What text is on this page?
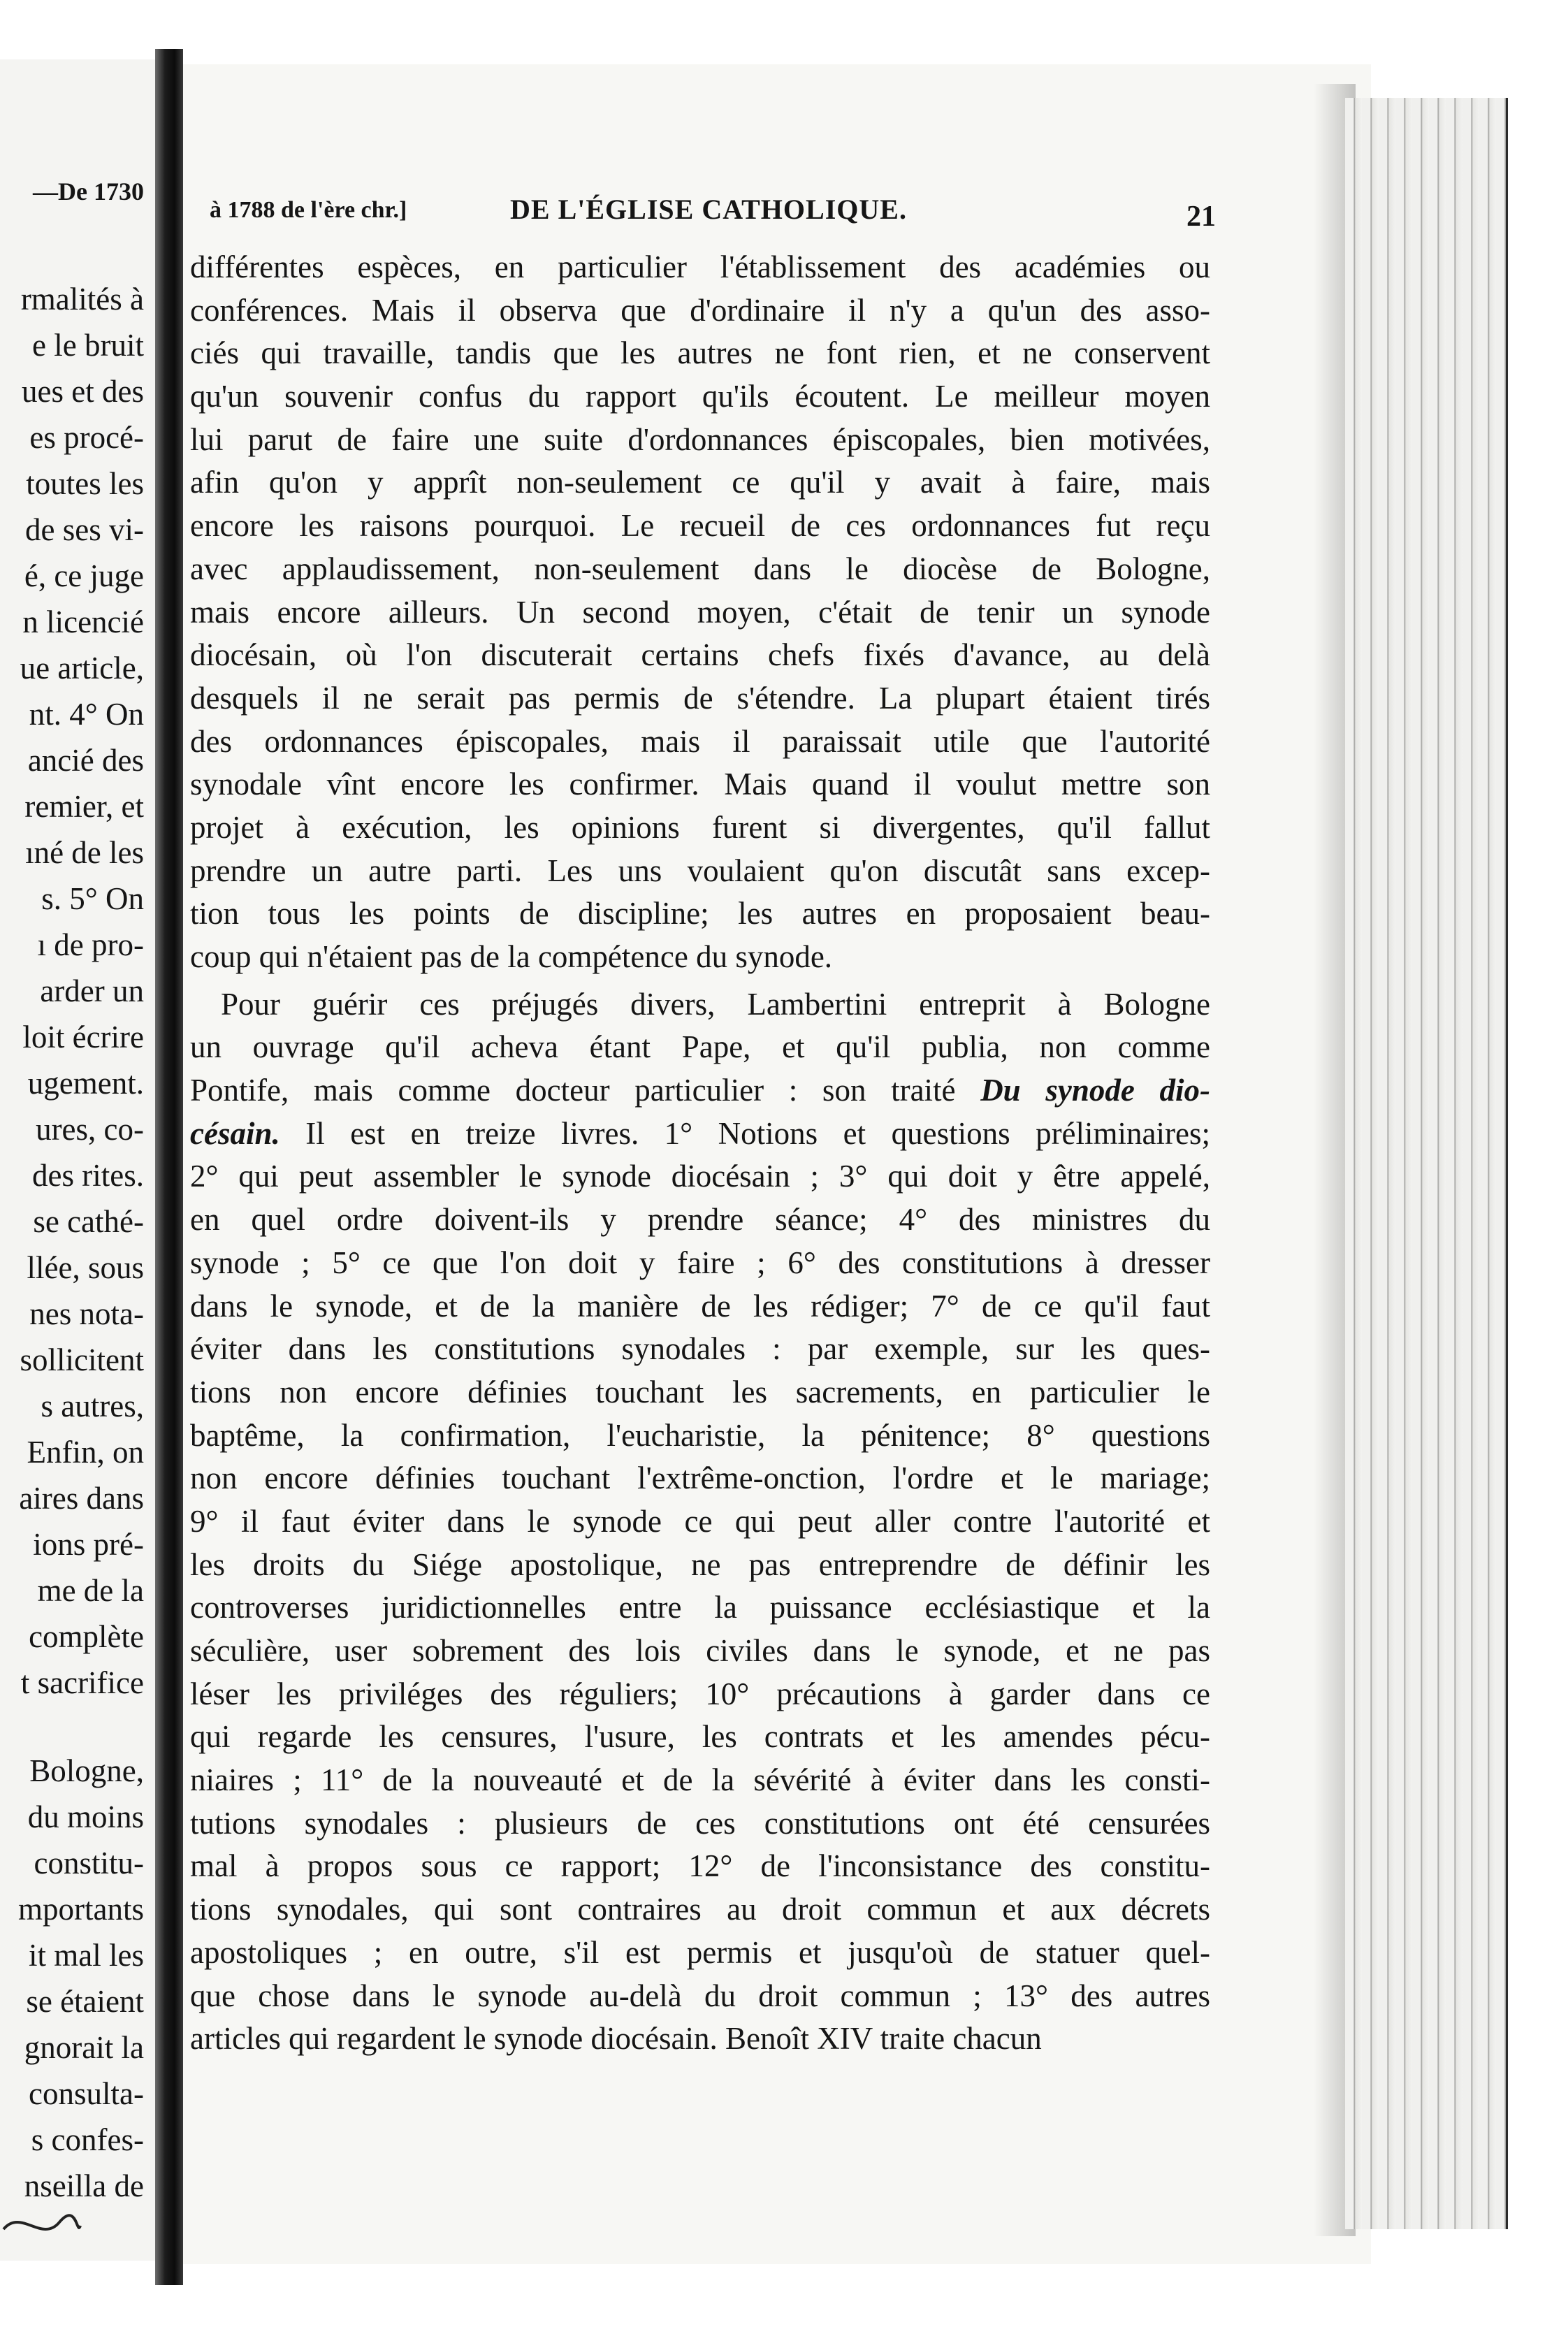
—De 1730
rmalités à
e le bruit
ues et des
es procé-
toutes les
de ses vi-
é, ce juge
n licencié
ue article,
nt. 4° On
ancié des
remier, et
ıné de les
s. 5° On
ı de pro-
arder un
loit écrire
ugement.
ures, co-
des rites.
se cathé-
llée, sous
nes nota-
sollicitent
s autres,
Enfin, on
aires dans
ions pré-
me de la
complète
t sacrifice
Bologne,
du moins
constitu-
mportants
it mal les
se étaient
gnorait la
consulta-
s confes-
nseilla de
à 1788 de l'ère chr.]	DE L'ÉGLISE CATHOLIQUE.	21
différentes espèces, en particulier l'établissement des académies ou
conférences. Mais il observa que d'ordinaire il n'y a qu'un des asso-
ciés qui travaille, tandis que les autres ne font rien, et ne conservent
qu'un souvenir confus du rapport qu'ils écoutent. Le meilleur moyen
lui parut de faire une suite d'ordonnances épiscopales, bien motivées,
afin qu'on y apprît non-seulement ce qu'il y avait à faire, mais
encore les raisons pourquoi. Le recueil de ces ordonnances fut reçu
avec applaudissement, non-seulement dans le diocèse de Bologne,
mais encore ailleurs. Un second moyen, c'était de tenir un synode
diocésain, où l'on discuterait certains chefs fixés d'avance, au delà
desquels il ne serait pas permis de s'étendre. La plupart étaient tirés
des ordonnances épiscopales, mais il paraissait utile que l'autorité
synodale vînt encore les confirmer. Mais quand il voulut mettre son
projet à exécution, les opinions furent si divergentes, qu'il fallut
prendre un autre parti. Les uns voulaient qu'on discutât sans excep-
tion tous les points de discipline; les autres en proposaient beau-
coup qui n'étaient pas de la compétence du synode.
Pour guérir ces préjugés divers, Lambertini entreprit à Bologne
un ouvrage qu'il acheva étant Pape, et qu'il publia, non comme
Pontife, mais comme docteur particulier : son traité Du synode dio-
césain. Il est en treize livres. 1° Notions et questions préliminaires;
2° qui peut assembler le synode diocésain ; 3° qui doit y être appelé,
en quel ordre doivent-ils y prendre séance; 4° des ministres du
synode ; 5° ce que l'on doit y faire ; 6° des constitutions à dresser
dans le synode, et de la manière de les rédiger; 7° de ce qu'il faut
éviter dans les constitutions synodales : par exemple, sur les ques-
tions non encore définies touchant les sacrements, en particulier le
baptême, la confirmation, l'eucharistie, la pénitence; 8° questions
non encore définies touchant l'extrême-onction, l'ordre et le mariage;
9° il faut éviter dans le synode ce qui peut aller contre l'autorité et
les droits du Siége apostolique, ne pas entreprendre de définir les
controverses juridictionnelles entre la puissance ecclésiastique et la
séculière, user sobrement des lois civiles dans le synode, et ne pas
léser les priviléges des réguliers; 10° précautions à garder dans ce
qui regarde les censures, l'usure, les contrats et les amendes pécu-
niaires ; 11° de la nouveauté et de la sévérité à éviter dans les consti-
tutions synodales : plusieurs de ces constitutions ont été censurées
mal à propos sous ce rapport; 12° de l'inconsistance des constitu-
tions synodales, qui sont contraires au droit commun et aux décrets
apostoliques ; en outre, s'il est permis et jusqu'où de statuer quel-
que chose dans le synode au-delà du droit commun ; 13° des autres
articles qui regardent le synode diocésain. Benoît XIV traite chacun
